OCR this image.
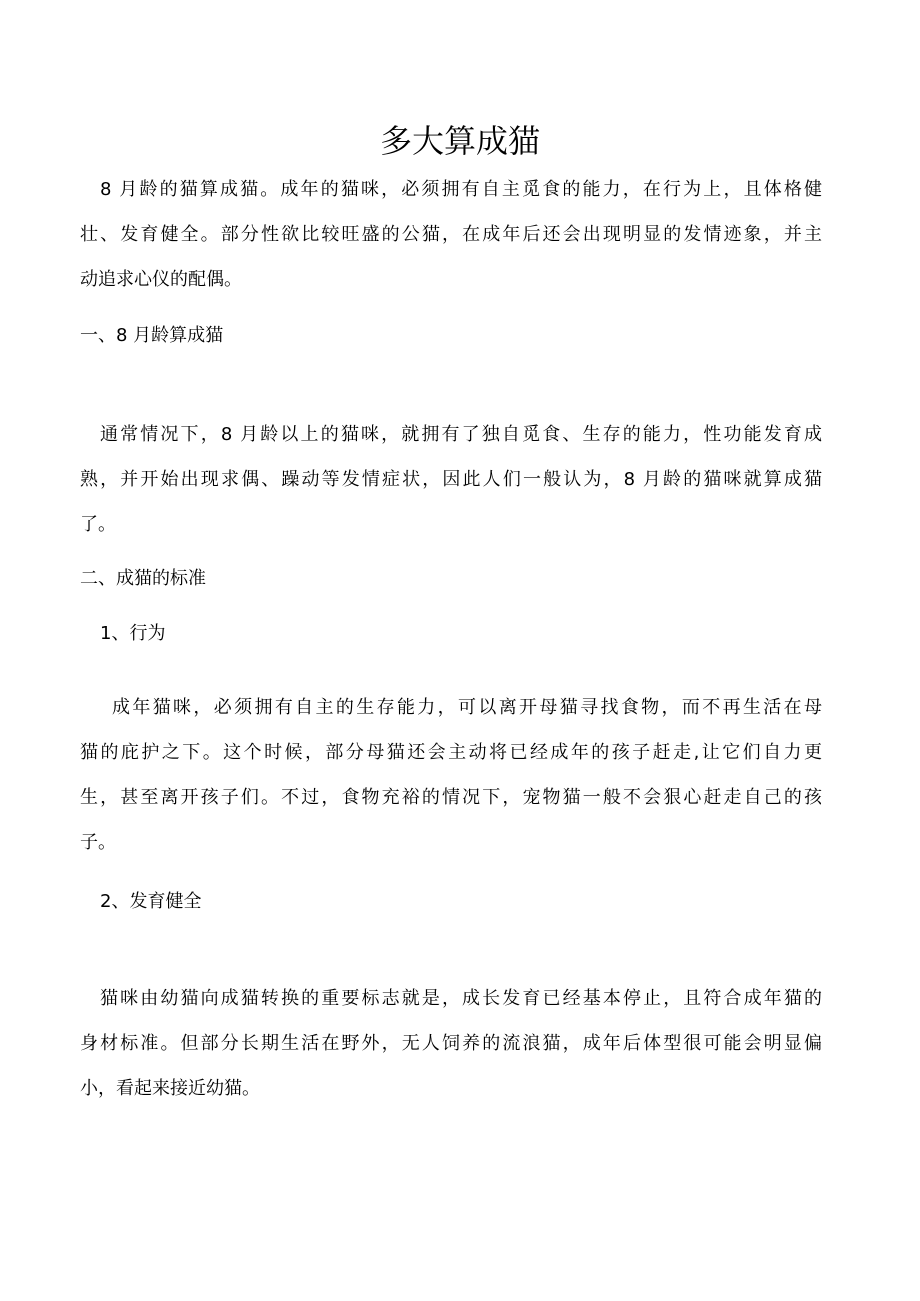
多大算成猫
8 月龄的猫算成猫。成年的猫咪，必须拥有自主觅食的能力，在行为上，且体格健
壮、发育健全。部分性欲比较旺盛的公猫，在成年后还会出现明显的发情迹象，并主
动追求心仪的配偶。
一、8 月龄算成猫
通常情况下，8 月龄以上的猫咪，就拥有了独自觅食、生存的能力，性功能发育成
熟，并开始出现求偶、躁动等发情症状，因此人们一般认为，8 月龄的猫咪就算成猫
了。
二、成猫的标准
1、行为
成年猫咪，必须拥有自主的生存能力，可以离开母猫寻找食物，而不再生活在母
猫的庇护之下。这个时候，部分母猫还会主动将已经成年的孩子赶走,让它们自力更
生，甚至离开孩子们。不过，食物充裕的情况下，宠物猫一般不会狠心赶走自己的孩
子。
2、发育健全
猫咪由幼猫向成猫转换的重要标志就是，成长发育已经基本停止，且符合成年猫的
身材标准。但部分长期生活在野外，无人饲养的流浪猫，成年后体型很可能会明显偏
小，看起来接近幼猫。
